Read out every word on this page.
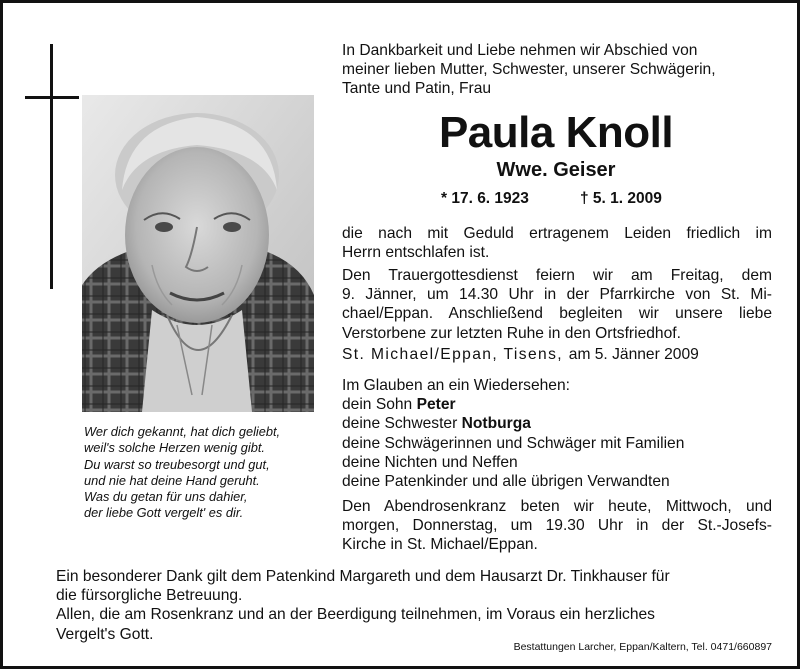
Wer dich gekannt, hat dich geliebt,
weil's solche Herzen wenig gibt.
Du warst so treubesorgt und gut,
und nie hat deine Hand geruht.
Was du getan für uns dahier,
der liebe Gott vergelt' es dir.
In Dankbarkeit und Liebe nehmen wir Abschied von
meiner lieben Mutter, Schwester, unserer Schwägerin,
Tante und Patin, Frau
Paula Knoll
Wwe. Geiser
* 17. 6. 1923	† 5. 1. 2009
die nach mit Geduld ertragenem Leiden friedlich im
Herrn entschlafen ist.
Den Trauergottesdienst feiern wir am Freitag, dem
9. Jänner, um 14.30 Uhr in der Pfarrkirche von St. Mi-
chael/Eppan. Anschließend begleiten wir unsere liebe
Verstorbene zur letzten Ruhe in den Ortsfriedhof.
St. Michael/Eppan, Tisens, am 5. Jänner 2009
Im Glauben an ein Wiedersehen:
dein Sohn Peter
deine Schwester Notburga
deine Schwägerinnen und Schwäger mit Familien
deine Nichten und Neffen
deine Patenkinder und alle übrigen Verwandten
Den Abendrosenkranz beten wir heute, Mittwoch, und
morgen, Donnerstag, um 19.30 Uhr in der St.-Josefs-
Kirche in St. Michael/Eppan.
Ein besonderer Dank gilt dem Patenkind Margareth und dem Hausarzt Dr. Tinkhauser für
die fürsorgliche Betreuung.
Allen, die am Rosenkranz und an der Beerdigung teilnehmen, im Voraus ein herzliches
Vergelt's Gott.
Bestattungen Larcher, Eppan/Kaltern, Tel. 0471/660897
